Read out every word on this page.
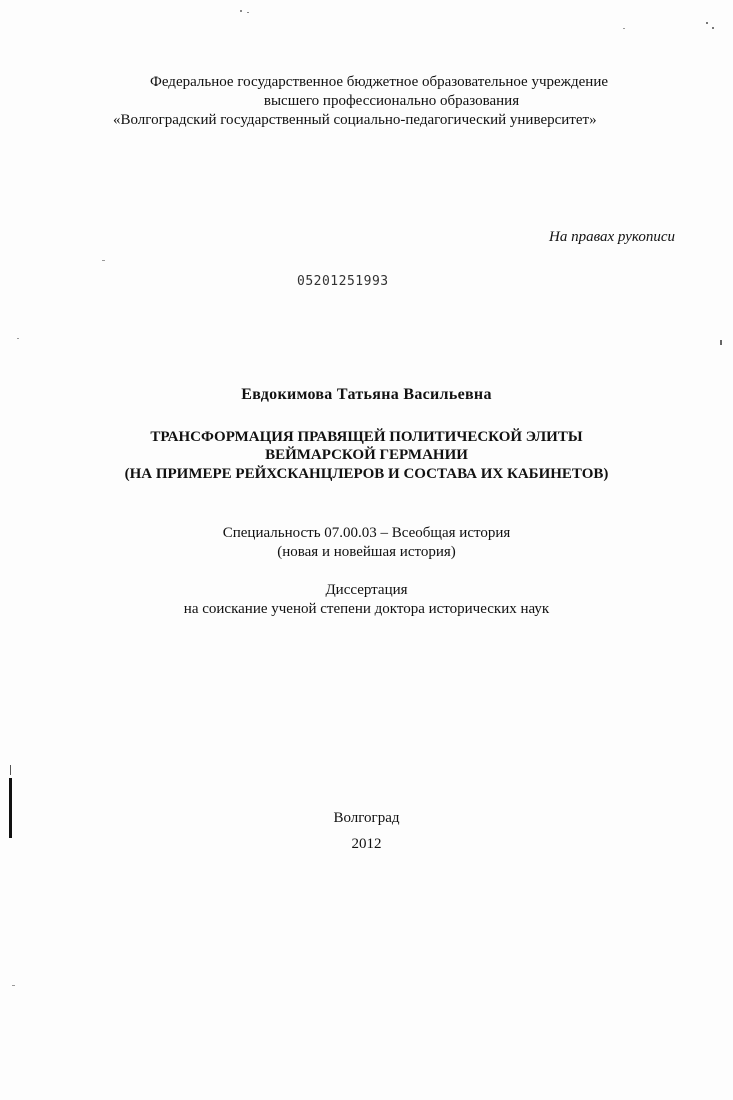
Федеральное государственное бюджетное образовательное учреждение
высшего профессионально образования
«Волгоградский государственный социально-педагогический университет»
На правах рукописи
05201251993
Евдокимова Татьяна Васильевна
ТРАНСФОРМАЦИЯ ПРАВЯЩЕЙ ПОЛИТИЧЕСКОЙ ЭЛИТЫ
ВЕЙМАРСКОЙ ГЕРМАНИИ
(НА ПРИМЕРЕ РЕЙХСКАНЦЛЕРОВ И СОСТАВА ИХ КАБИНЕТОВ)
Специальность 07.00.03 – Всеобщая история
(новая и новейшая история)
Диссертация
на соискание ученой степени доктора исторических наук
Волгоград
2012
